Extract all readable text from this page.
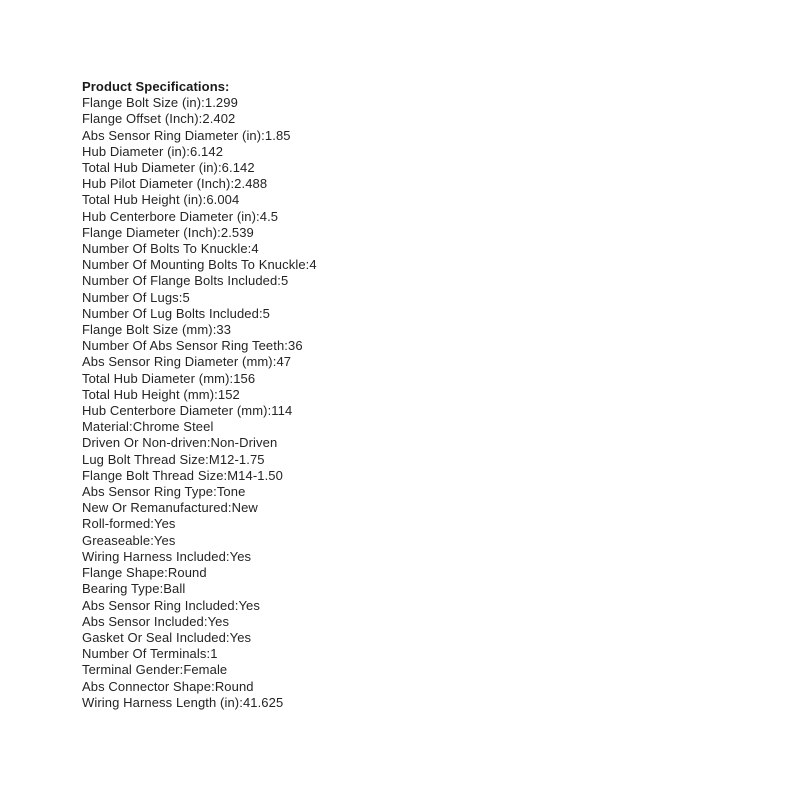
Product Specifications:
Flange Bolt Size (in):1.299
Flange Offset (Inch):2.402
Abs Sensor Ring Diameter (in):1.85
Hub Diameter (in):6.142
Total Hub Diameter (in):6.142
Hub Pilot Diameter (Inch):2.488
Total Hub Height (in):6.004
Hub Centerbore Diameter (in):4.5
Flange Diameter (Inch):2.539
Number Of Bolts To Knuckle:4
Number Of Mounting Bolts To Knuckle:4
Number Of Flange Bolts Included:5
Number Of Lugs:5
Number Of Lug Bolts Included:5
Flange Bolt Size (mm):33
Number Of Abs Sensor Ring Teeth:36
Abs Sensor Ring Diameter (mm):47
Total Hub Diameter (mm):156
Total Hub Height (mm):152
Hub Centerbore Diameter (mm):114
Material:Chrome Steel
Driven Or Non-driven:Non-Driven
Lug Bolt Thread Size:M12-1.75
Flange Bolt Thread Size:M14-1.50
Abs Sensor Ring Type:Tone
New Or Remanufactured:New
Roll-formed:Yes
Greaseable:Yes
Wiring Harness Included:Yes
Flange Shape:Round
Bearing Type:Ball
Abs Sensor Ring Included:Yes
Abs Sensor Included:Yes
Gasket Or Seal Included:Yes
Number Of Terminals:1
Terminal Gender:Female
Abs Connector Shape:Round
Wiring Harness Length (in):41.625
